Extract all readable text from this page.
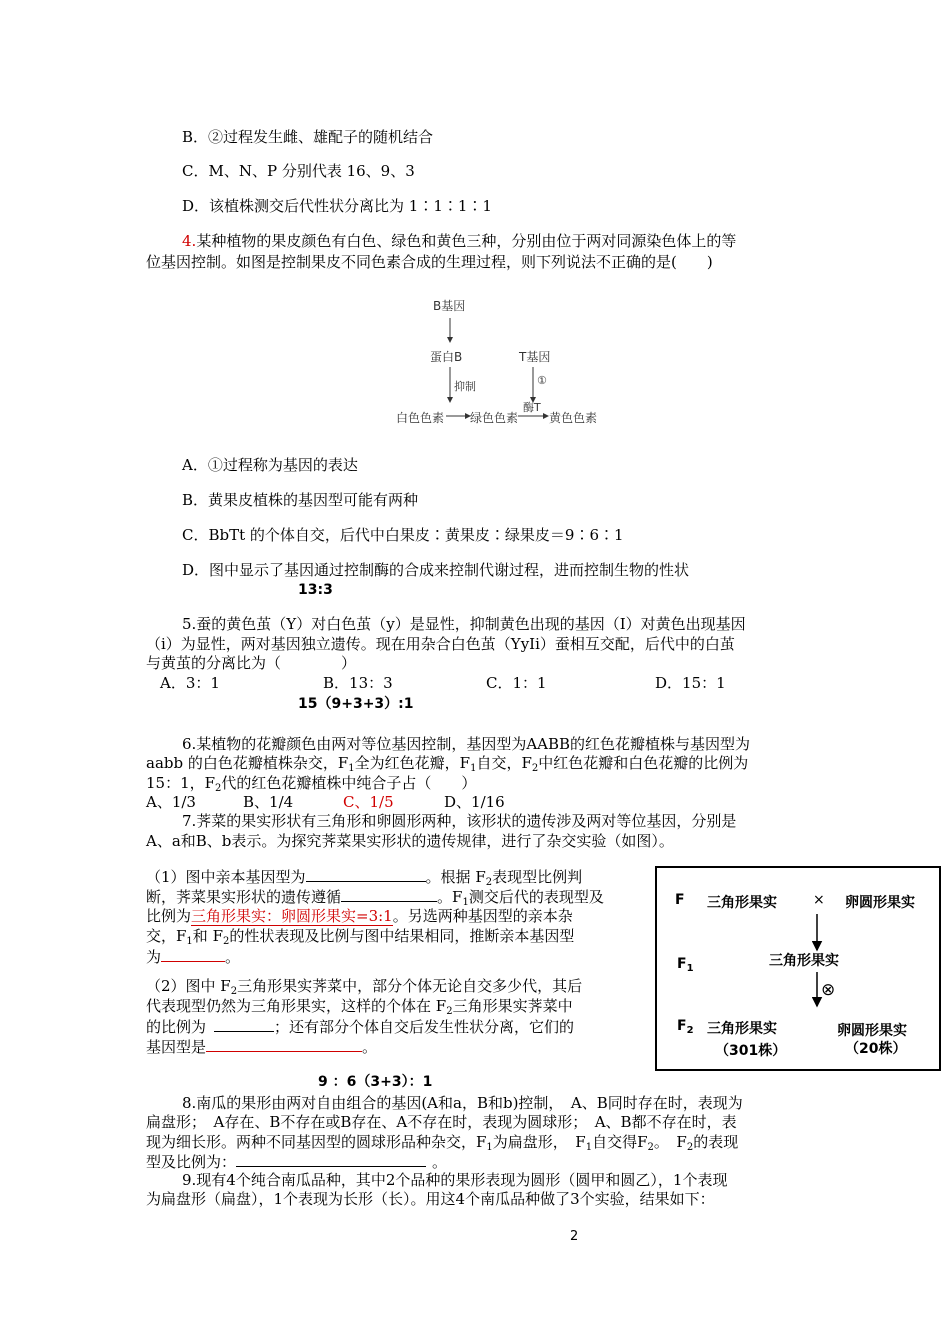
B．②过程发生雌、雄配子的随机结合
C．M、N、P 分别代表 16、9、3
D．该植株测交后代性状分离比为 1∶1∶1∶1
4.某种植物的果皮颜色有白色、绿色和黄色三种，分别由位于两对同源染色体上的等
位基因控制。如图是控制果皮不同色素合成的生理过程，则下列说法不正确的是(　　)
B基因
蛋白B
抑制
T基因
①
酶T
白色色素 绿色色素	黄色色素
A．①过程称为基因的表达
B．黄果皮植株的基因型可能有两种
C．BbTt 的个体自交，后代中白果皮∶黄果皮∶绿果皮＝9∶6∶1
D．图中显示了基因通过控制酶的合成来控制代谢过程，进而控制生物的性状
13:3
5.蚕的黄色茧（Y）对白色茧（y）是显性，抑制黄色出现的基因（I）对黄色出现基因
（i）为显性，两对基因独立遗传。现在用杂合白色茧（YyIi）蚕相互交配，后代中的白茧
与黄茧的分离比为（　　　　）
A．3：1	B．13：3	C．1：1	D．15：1
15（9+3+3）:1
6.某植物的花瓣颜色由两对等位基因控制，基因型为AABB的红色花瓣植株与基因型为
aabb 的白色花瓣植株杂交，$F_1$全为红色花瓣，$F_1$自交，$F_2$中红色花瓣和白色花瓣的比例为
15：1，$F_2$代的红色花瓣植株中纯合子占（　　）
A、1/3	B、1/4	C、1/5	D、1/16
7.荠菜的果实形状有三角形和卵圆形两种，该形状的遗传涉及两对等位基因，分别是
A、a和B、b表示。为探究荠菜果实形状的遗传规律，进行了杂交实验（如图）。
（1）图中亲本基因型为	。根据 $F_2$表现型比例判
断，荠菜果实形状的遗传遵循	。$F_1$测交后代的表现型及
比例为三角形果实：卵圆形果实=3:1。另选两种基因型的亲本杂
交，$F_1$和 $F_2$的性状表现及比例与图中结果相同，推断亲本基因型
为	。
（2）图中 $F_2$三角形果实荠菜中，部分个体无论自交多少代，其后
代表现型仍然为三角形果实，这样的个体在 $F_2$三角形果实荠菜中
的比例为	；还有部分个体自交后发生性状分离，它们的
基因型是	。
9 ：6（3+3）：1
F 三角形果实	× 卵圆形果实
$F_1$	三角形果实
⊗
$F_2$ 三角形果实	卵圆形果实
（301株）	（20株）
8.南瓜的果形由两对自由组合的基因(A和a，B和b)控制，　A、B同时存在时，表现为
扁盘形；　A存在、B不存在或B存在、A不存在时，表现为圆球形；　A、B都不存在时，表
现为细长形。两种不同基因型的圆球形品种杂交，$F_1$为扁盘形，　$F_1$自交得$F_2$。　$F_2$的表现
型及比例为：	。
9.现有4个纯合南瓜品种，其中2个品种的果形表现为圆形（圆甲和圆乙），1个表现
为扁盘形（扁盘），1个表现为长形（长）。用这4个南瓜品种做了3个实验，结果如下：
2
